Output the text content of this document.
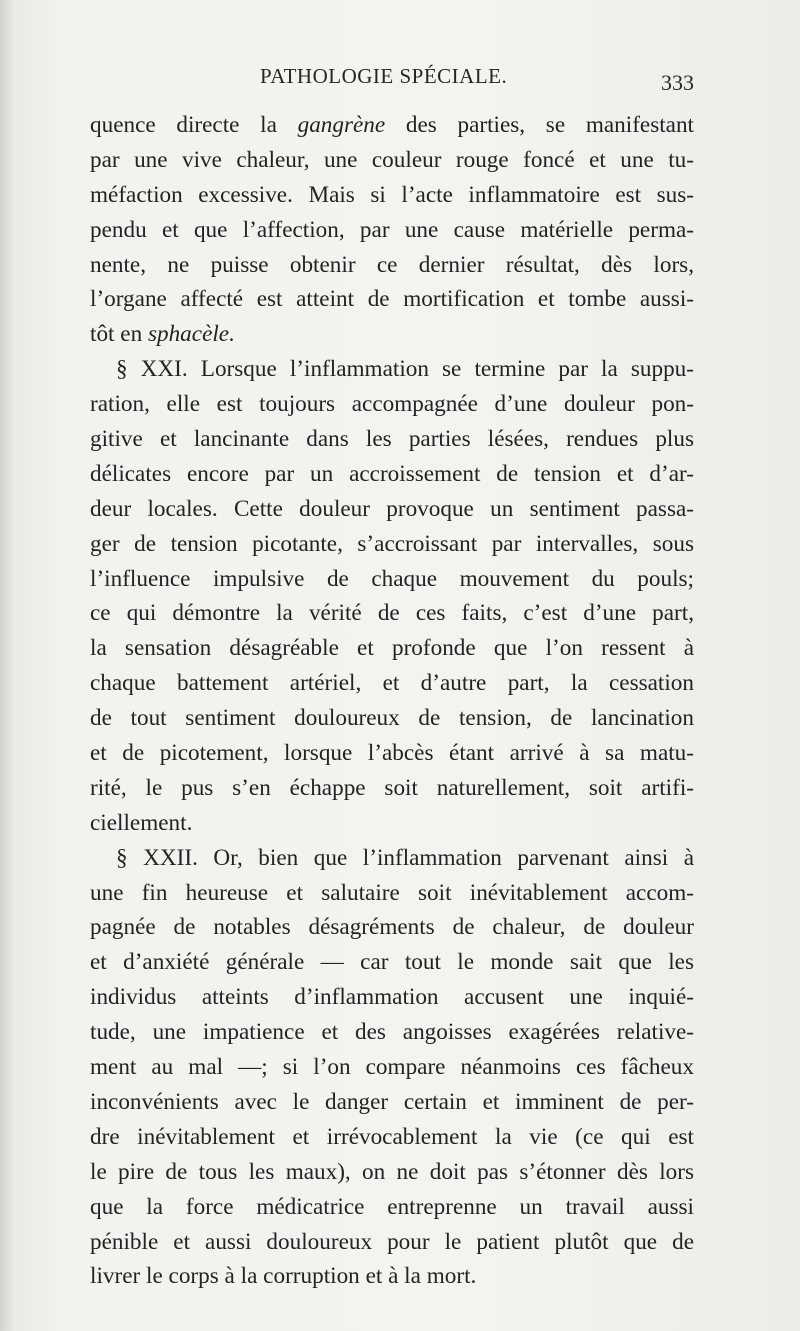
PATHOLOGIE SPÉCIALE.	333
quence directe la gangrène des parties, se manifestant
par une vive chaleur, une couleur rouge foncé et une tu-
méfaction excessive. Mais si l’acte inflammatoire est sus-
pendu et que l’affection, par une cause matérielle perma-
nente, ne puisse obtenir ce dernier résultat, dès lors,
l’organe affecté est atteint de mortification et tombe aussi-
tôt en sphacèle.
§ XXI. Lorsque l’inflammation se termine par la suppu-
ration, elle est toujours accompagnée d’une douleur pon-
gitive et lancinante dans les parties lésées, rendues plus
délicates encore par un accroissement de tension et d’ar-
deur locales. Cette douleur provoque un sentiment passa-
ger de tension picotante, s’accroissant par intervalles, sous
l’influence impulsive de chaque mouvement du pouls;
ce qui démontre la vérité de ces faits, c’est d’une part,
la sensation désagréable et profonde que l’on ressent à
chaque battement artériel, et d’autre part, la cessation
de tout sentiment douloureux de tension, de lancination
et de picotement, lorsque l’abcès étant arrivé à sa matu-
rité, le pus s’en échappe soit naturellement, soit artifi-
ciellement.
§ XXII. Or, bien que l’inflammation parvenant ainsi à
une fin heureuse et salutaire soit inévitablement accom-
pagnée de notables désagréments de chaleur, de douleur
et d’anxiété générale — car tout le monde sait que les
individus atteints d’inflammation accusent une inquié-
tude, une impatience et des angoisses exagérées relative-
ment au mal —; si l’on compare néanmoins ces fâcheux
inconvénients avec le danger certain et imminent de per-
dre inévitablement et irrévocablement la vie (ce qui est
le pire de tous les maux), on ne doit pas s’étonner dès lors
que la force médicatrice entreprenne un travail aussi
pénible et aussi douloureux pour le patient plutôt que de
livrer le corps à la corruption et à la mort.
